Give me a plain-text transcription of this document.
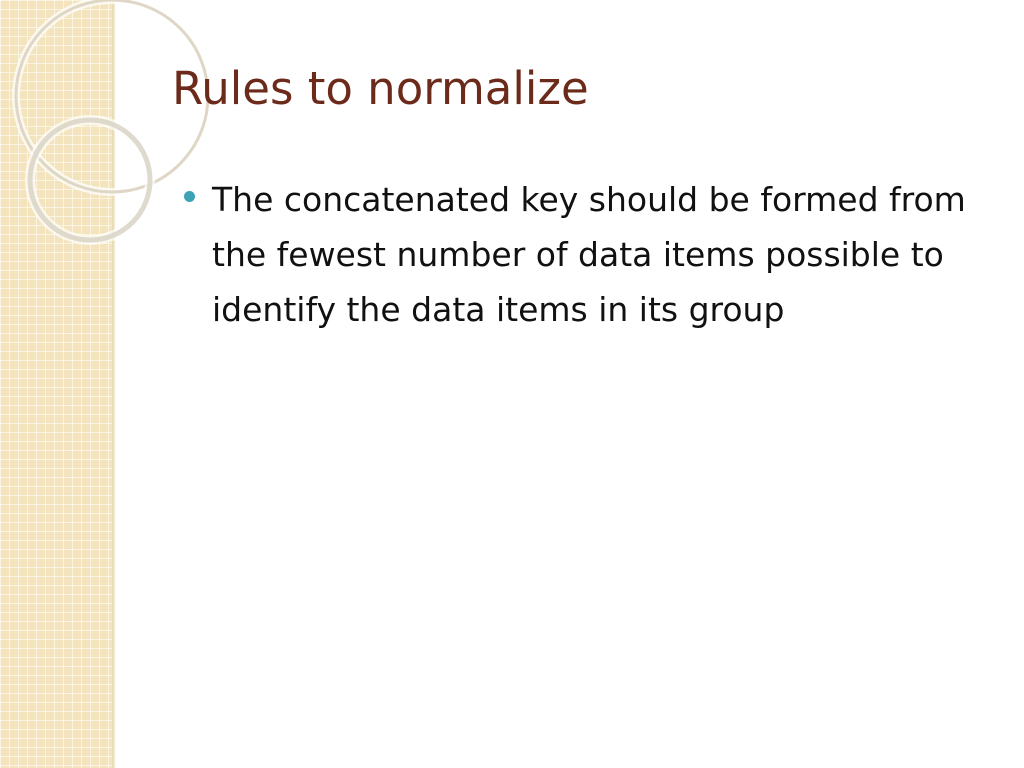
Rules to normalize
The concatenated key should be formed from the fewest number of data items possible to identify the data items in its group
